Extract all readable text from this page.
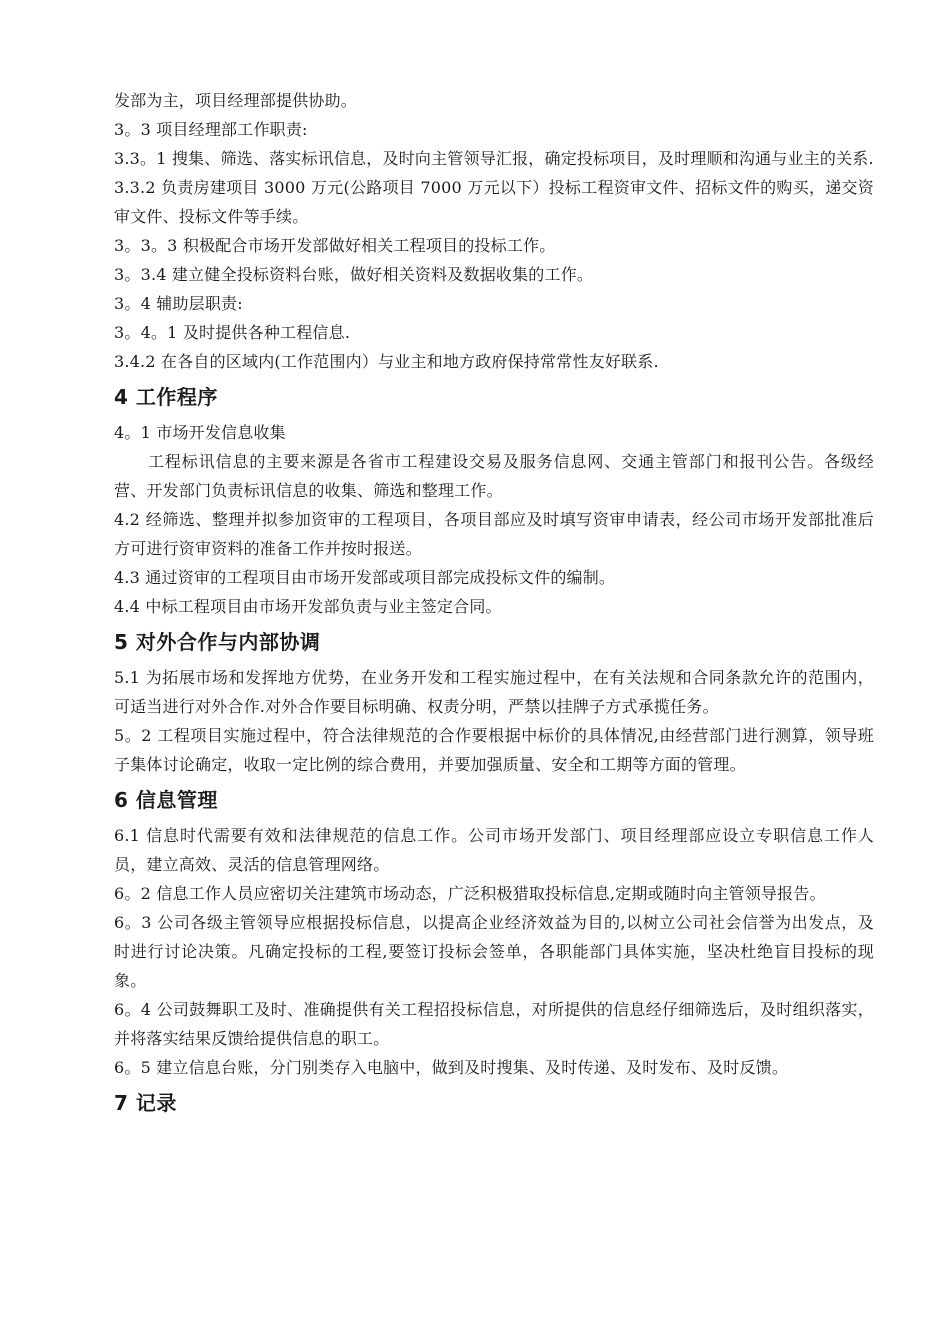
发部为主，项目经理部提供协助。

3。3 项目经理部工作职责:

3.3。1 搜集、筛选、落实标讯信息，及时向主管领导汇报，确定投标项目，及时理顺和沟通与业主的关系.

3.3.2 负责房建项目 3000 万元(公路项目 7000 万元以下）投标工程资审文件、招标文件的购买，递交资审文件、投标文件等手续。

3。3。3 积极配合市场开发部做好相关工程项目的投标工作。

3。3.4 建立健全投标资料台账，做好相关资料及数据收集的工作。

3。4 辅助层职责:

3。4。1 及时提供各种工程信息.

3.4.2 在各自的区域内(工作范围内）与业主和地方政府保持常常性友好联系.

4 工作程序

4。1 市场开发信息收集

工程标讯信息的主要来源是各省市工程建设交易及服务信息网、交通主管部门和报刊公告。各级经营、开发部门负责标讯信息的收集、筛选和整理工作。

4.2 经筛选、整理并拟参加资审的工程项目，各项目部应及时填写资审申请表，经公司市场开发部批准后方可进行资审资料的准备工作并按时报送。

4.3 通过资审的工程项目由市场开发部或项目部完成投标文件的编制。

4.4 中标工程项目由市场开发部负责与业主签定合同。

5 对外合作与内部协调

5.1 为拓展市场和发挥地方优势，在业务开发和工程实施过程中，在有关法规和合同条款允许的范围内，可适当进行对外合作.对外合作要目标明确、权责分明，严禁以挂牌子方式承揽任务。

5。2 工程项目实施过程中，符合法律规范的合作要根据中标价的具体情况,由经营部门进行测算，领导班子集体讨论确定，收取一定比例的综合费用，并要加强质量、安全和工期等方面的管理。

6 信息管理

6.1 信息时代需要有效和法律规范的信息工作。公司市场开发部门、项目经理部应设立专职信息工作人员，建立高效、灵活的信息管理网络。

6。2 信息工作人员应密切关注建筑市场动态，广泛积极猎取投标信息,定期或随时向主管领导报告。

6。3 公司各级主管领导应根据投标信息，以提高企业经济效益为目的,以树立公司社会信誉为出发点，及时进行讨论决策。凡确定投标的工程,要签订投标会签单，各职能部门具体实施，坚决杜绝盲目投标的现象。

6。4 公司鼓舞职工及时、准确提供有关工程招投标信息，对所提供的信息经仔细筛选后，及时组织落实，并将落实结果反馈给提供信息的职工。

6。5 建立信息台账，分门别类存入电脑中，做到及时搜集、及时传递、及时发布、及时反馈。

7 记录
